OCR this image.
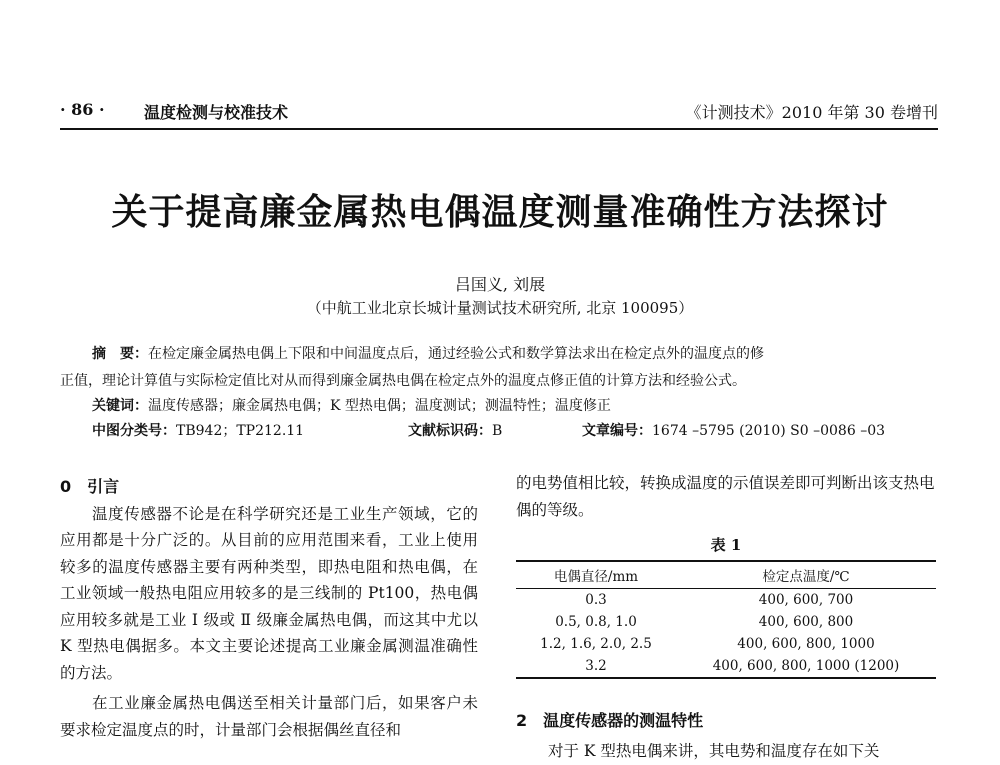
· 86 · 温度检测与校准技术	《计测技术》2010 年第 30 卷增刊
关于提高廉金属热电偶温度测量准确性方法探讨
吕国义, 刘展
（中航工业北京长城计量测试技术研究所, 北京 100095）
摘　要：在检定廉金属热电偶上下限和中间温度点后，通过经验公式和数学算法求出在检定点外的温度点的修
正值，理论计算值与实际检定值比对从而得到廉金属热电偶在检定点外的温度点修正值的计算方法和经验公式。
关键词：温度传感器；廉金属热电偶；K 型热电偶；温度测试；测温特性；温度修正
中图分类号：TB942；TP212.11	文献标识码：B	文章编号：1674 –5795 (2010) S0 –0086 –03
0　引言

温度传感器不论是在科学研究还是工业生产领域，它的应用都是十分广泛的。从目前的应用范围来看，工业上使用较多的温度传感器主要有两种类型，即热电阻和热电偶，在工业领域一般热电阻应用较多的是三线制的 Pt100，热电偶应用较多就是工业 Ⅰ 级或 Ⅱ 级廉金属热电偶，而这其中尤以 K 型热电偶据多。本文主要论述提高工业廉金属测温准确性的方法。

在工业廉金属热电偶送至相关计量部门后，如果客户未要求检定温度点的时，计量部门会根据偶丝直径和

的电势值相比较，转换成温度的示值误差即可判断出该支热电偶的等级。
表 1
电偶直径/mm	检定点温度/℃
0.3	400, 600, 700
0.5, 0.8, 1.0	400, 600, 800
1.2, 1.6, 2.0, 2.5	400, 600, 800, 1000
3.2	400, 600, 800, 1000 (1200)
2　温度传感器的测温特性
对于 K 型热电偶来讲，其电势和温度存在如下关
